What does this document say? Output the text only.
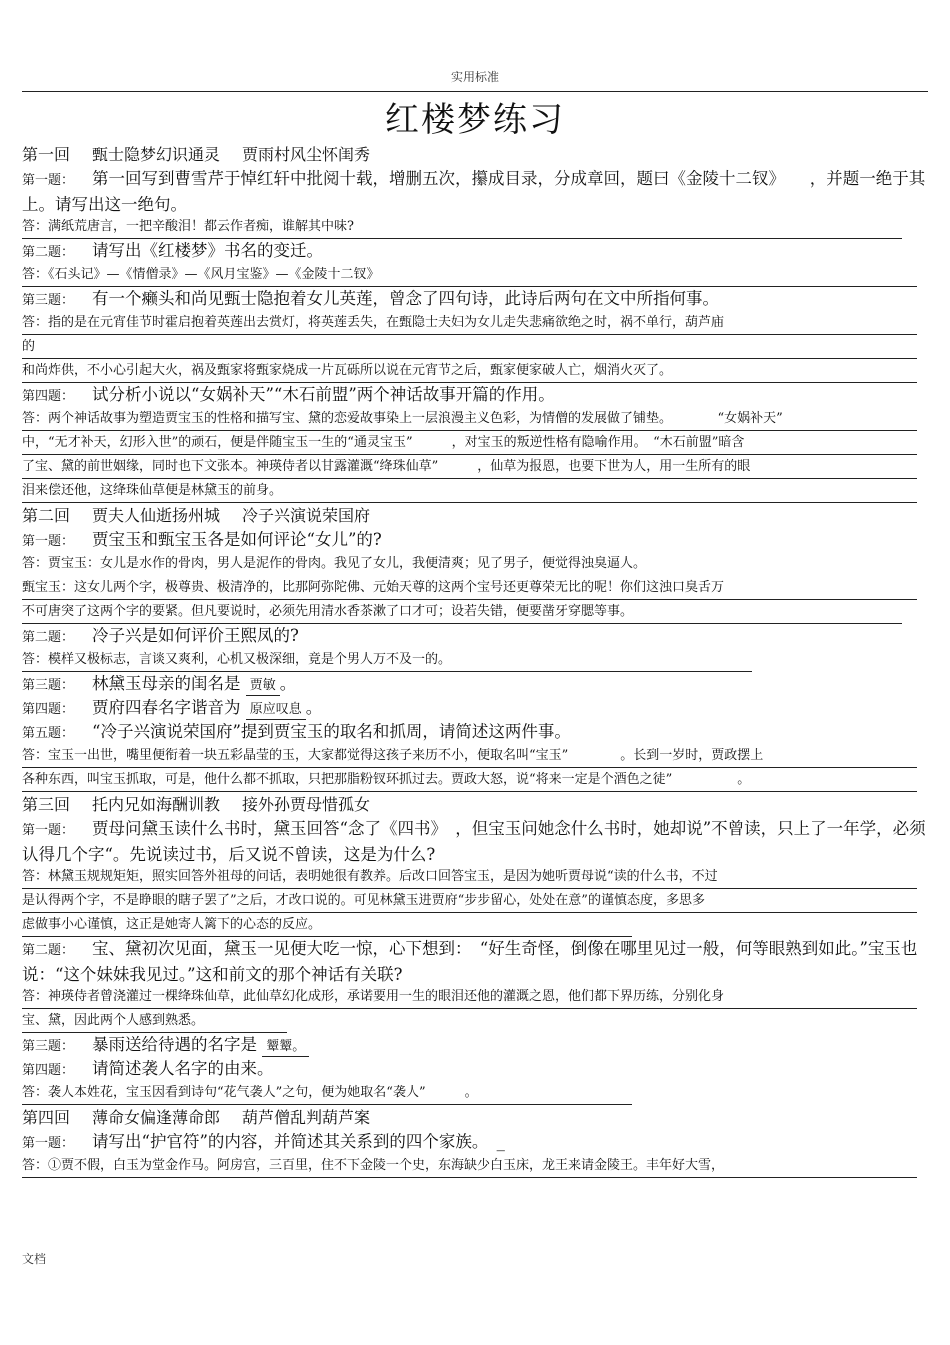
实用标准
红楼梦练习
第一回 甄士隐梦幻识通灵 贾雨村风尘怀闺秀
第一题： 第一回写到曹雪芹于悼红轩中批阅十载，增删五次，攥成目录，分成章回，题曰《金陵十二钗》　　，并题一绝于其上。请写出这一绝句。
答：满纸荒唐言，一把辛酸泪！都云作者痴，谁解其中味?
第二题： 请写出《红楼梦》书名的变迁。
答：《石头记》—《情僧录》—《风月宝鉴》—《金陵十二钗》
第三题： 有一个癞头和尚见甄士隐抱着女儿英莲，曾念了四句诗，此诗后两句在文中所指何事。
答：指的是在元宵佳节时霍启抱着英莲出去赏灯，将英莲丢失，在甄隐士夫妇为女儿走失悲痛欲绝之时，祸不单行，葫芦庙
的
和尚炸供，不小心引起大火，祸及甄家将甄家烧成一片瓦砾所以说在元宵节之后，甄家便家破人亡，烟消火灭了。
第四题： 试分析小说以“女娲补天”“木石前盟”两个神话故事开篇的作用。
答：两个神话故事为塑造贾宝玉的性格和描写宝、黛的恋爱故事染上一层浪漫主义色彩，为情僧的发展做了铺垫。　　　　“女娲补天”
中，“无才补天，幻形入世”的顽石，便是伴随宝玉一生的“通灵宝玉”　　　，对宝玉的叛逆性格有隐喻作用。　“木石前盟”暗含
了宝、黛的前世姻缘，同时也下文张本。神瑛侍者以甘露灌溉“绛珠仙草”　　　，仙草为报恩，也要下世为人，用一生所有的眼
泪来偿还他，这绛珠仙草便是林黛玉的前身。
第二回 贾夫人仙逝扬州城 冷子兴演说荣国府
第一题： 贾宝玉和甄宝玉各是如何评论“女儿”的?
答：贾宝玉：女儿是水作的骨肉，男人是泥作的骨肉。我见了女儿，我便清爽；见了男子，便觉得浊臭逼人。
甄宝玉：这女儿两个字，极尊贵、极清净的，比那阿弥陀佛、元始天尊的这两个宝号还更尊荣无比的呢！你们这浊口臭舌万
不可唐突了这两个字的要紧。但凡要说时，必须先用清水香茶漱了口才可；设若失错，便要凿牙穿腮等事。
第二题： 冷子兴是如何评价王熙凤的?
答：模样又极标志，言谈又爽利，心机又极深细，竟是个男人万不及一的。
第三题： 林黛玉母亲的闺名是 贾敏 。
第四题： 贾府四春名字谐音为 原应叹息 。
第五题： “冷子兴演说荣国府”提到贾宝玉的取名和抓周，请简述这两件事。
答：宝玉一出世，嘴里便衔着一块五彩晶莹的玉，大家都觉得这孩子来历不小，便取名叫“宝玉”　　　　。长到一岁时，贾政摆上
各种东西，叫宝玉抓取，可是，他什么都不抓取，只把那脂粉钗环抓过去。贾政大怒，说“将来一定是个酒色之徒”　　　　　。
第三回 托内兄如海酬训教 接外孙贾母惜孤女
第一题： 贾母问黛玉读什么书时，黛玉回答“念了《四书》　，但宝玉问她念什么书时，她却说”不曾读，只上了一年学，必须认得几个字“。先说读过书，后又说不曾读，这是为什么?
答：林黛玉规规矩矩，照实回答外祖母的问话，表明她很有教养。后改口回答宝玉，是因为她听贾母说“读的什么书，不过
是认得两个字，不是睁眼的瞎子罢了”之后，才改口说的。可见林黛玉进贾府“步步留心，处处在意”的谨慎态度，多思多
虑做事小心谨慎，这正是她寄人篱下的心态的反应。
第二题： 宝、黛初次见面，黛玉一见便大吃一惊，心下想到：　“好生奇怪，倒像在哪里见过一般，何等眼熟到如此。”宝玉也说：“这个妹妹我见过。”这和前文的那个神话有关联?
答：神瑛侍者曾浇灌过一棵绛珠仙草，此仙草幻化成形，承诺要用一生的眼泪还他的灌溉之恩，他们都下界历练，分别化身
宝、黛，因此两个人感到熟悉。
第三题： 暴雨送给待遇的名字是 颦颦。
第四题： 请简述袭人名字的由来。
答：袭人本姓花，宝玉因看到诗句“花气袭人”之句，便为她取名“袭人”　　　。
第四回 薄命女偏逢薄命郎 葫芦僧乱判葫芦案
第一题： 请写出“护官符”的内容，并简述其关系到的四个家族。　 _
答：①贾不假，白玉为堂金作马。阿房宫，三百里，住不下金陵一个史，东海缺少白玉床，龙王来请金陵王。丰年好大雪，
文档
